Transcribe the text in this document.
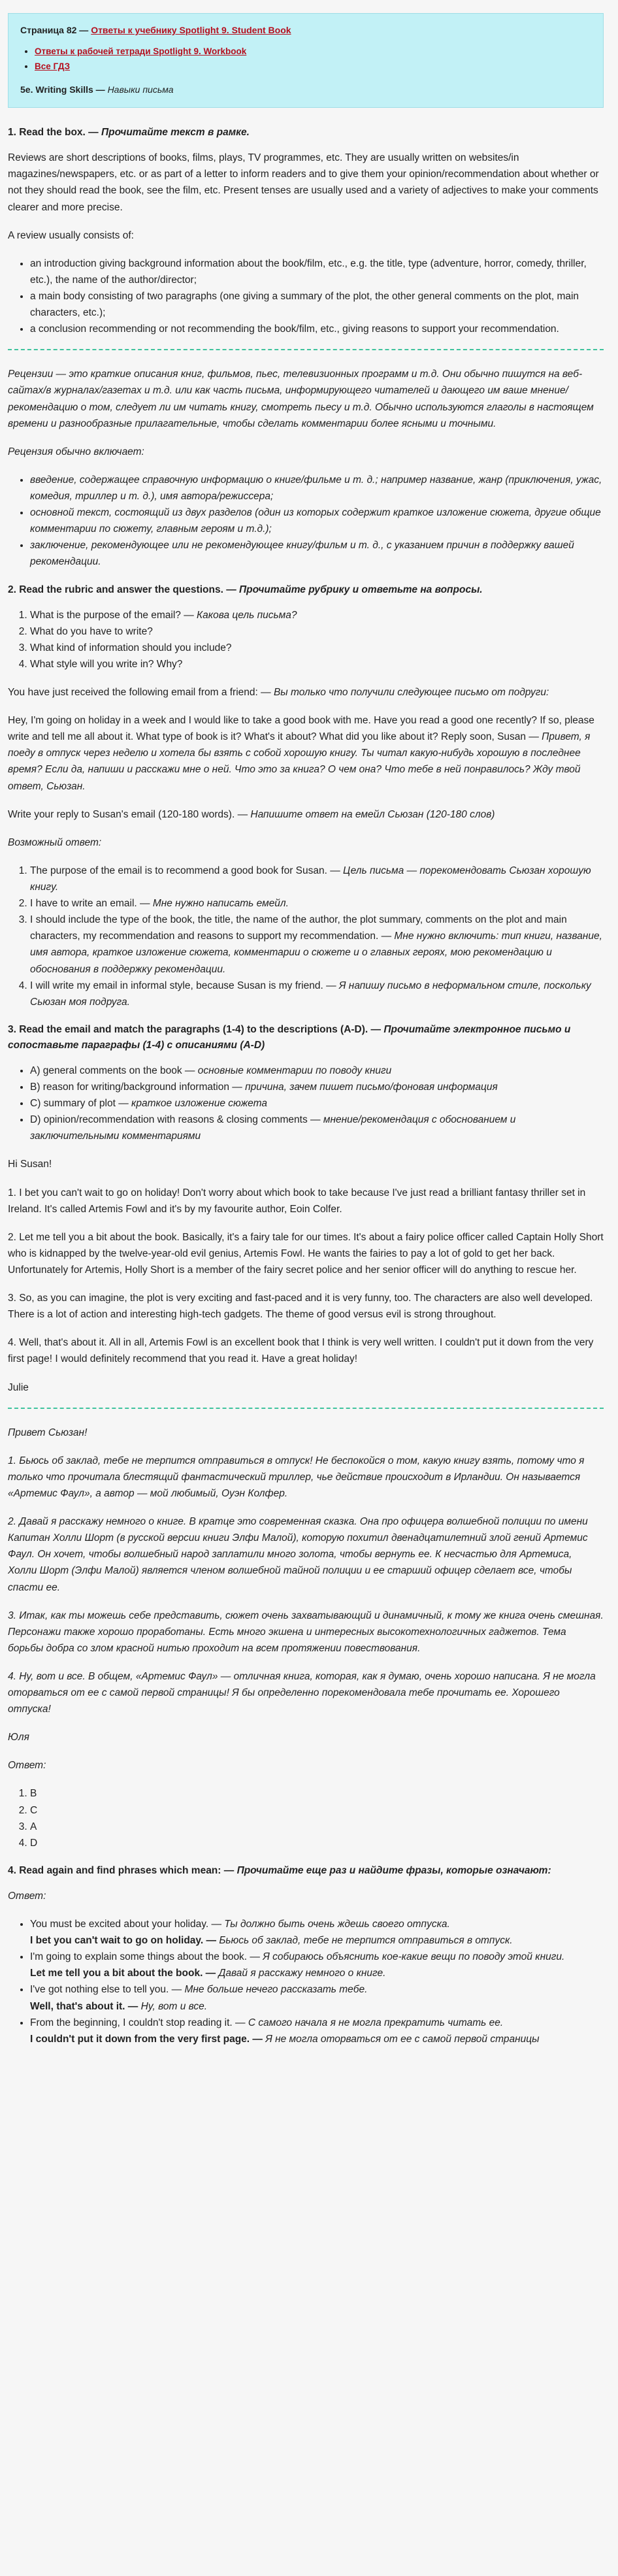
Страница 82 — Ответы к учебнику Spotlight 9. Student Book

• Ответы к рабочей тетради Spotlight 9. Workbook
• Все ГДЗ

5e. Writing Skills — Навыки письма

1. Read the box. — Прочитайте текст в рамке.

Reviews are short descriptions of books, films, plays, TV programmes, etc. They are usually written on websites/in magazines/newspapers, etc. or as part of a letter to inform readers and to give them your opinion/recommendation about whether or not they should read the book, see the film, etc. Present tenses are usually used and a variety of adjectives to make your comments clearer and more precise.

A review usually consists of:

• an introduction giving background information about the book/film, etc., e.g. the title, type (adventure, horror, comedy, thriller, etc.), the name of the author/director;
• a main body consisting of two paragraphs (one giving a summary of the plot, the other general comments on the plot, main characters, etc.);
• a conclusion recommending or not recommending the book/film, etc., giving reasons to support your recommendation.

Рецензии — это краткие описания книг, фильмов, пьес, телевизионных программ и т.д. Они обычно пишутся на веб-сайтах/в журналах/газетах и т.д. или как часть письма, информирующего читателей и дающего им ваше мнение/рекомендацию о том, следует ли им читать книгу, смотреть пьесу и т.д. Обычно используются глаголы в настоящем времени и разнообразные прилагательные, чтобы сделать комментарии более ясными и точными.

Рецензия обычно включает:

• введение, содержащее справочную информацию о книге/фильме и т. д.; например название, жанр (приключения, ужас, комедия, триллер и т. д.), имя автора/режиссера;
• основной текст, состоящий из двух разделов (один из которых содержит краткое изложение сюжета, другие общие комментарии по сюжету, главным героям и т.д.);
• заключение, рекомендующее или не рекомендующее книгу/фильм и т. д., с указанием причин в поддержку вашей рекомендации.
2. Read the rubric and answer the questions. — Прочитайте рубрику и ответьте на вопросы.
1. What is the purpose of the email? — Какова цель письма?
2. What do you have to write?
3. What kind of information should you include?
4. What style will you write in? Why?

You have just received the following email from a friend: — Вы только что получили следующее письмо от подруги:

Hey, I'm going on holiday in a week and I would like to take a good book with me. Have you read a good one recently? If so, please write and tell me all about it. What type of book is it? What's it about? What did you like about it? Reply soon, Susan — Привет, я поеду в отпуск через неделю и хотела бы взять с собой хорошую книгу. Ты читал какую-нибудь хорошую в последнее время? Если да, напиши и расскажи мне о ней. Что это за книга? О чем она? Что тебе в ней понравилось? Жду твой ответ, Сьюзан.

Write your reply to Susan's email (120-180 words). — Напишите ответ на емейл Сьюзан (120-180 слов)

Возможный ответ:

1. The purpose of the email is to recommend a good book for Susan. — Цель письма — порекомендовать Сьюзан хорошую книгу.
2. I have to write an email. — Мне нужно написать емейл.
3. I should include the type of the book, the title, the name of the author, the plot summary, comments on the plot and main characters, my recommendation and reasons to support my recommendation. — Мне нужно включить: тип книги, название, имя автора, краткое изложение сюжета, комментарии о сюжете и о главных героях, мою рекомендацию и обоснования в поддержку рекомендации.
4. I will write my email in informal style, because Susan is my friend. — Я напишу письмо в неформальном стиле, поскольку Сьюзан моя подруга.
3. Read the email and match the paragraphs (1-4) to the descriptions (A-D). — Прочитайте электронное письмо и сопоставьте параграфы (1-4) с описаниями (A-D)
• A) general comments on the book — основные комментарии по поводу книги
• B) reason for writing/background information — причина, зачем пишет письмо/фоновая информация
• C) summary of plot — краткое изложение сюжета
• D) opinion/recommendation with reasons & closing comments — мнение/рекомендация с обоснованием и заключительными комментариями

Hi Susan!

1. I bet you can't wait to go on holiday! Don't worry about which book to take because I've just read a brilliant fantasy thriller set in Ireland. It's called Artemis Fowl and it's by my favourite author, Eoin Colfer.

2. Let me tell you a bit about the book. Basically, it's a fairy tale for our times. It's about a fairy police officer called Captain Holly Short who is kidnapped by the twelve-year-old evil genius, Artemis Fowl. He wants the fairies to pay a lot of gold to get her back. Unfortunately for Artemis, Holly Short is a member of the fairy secret police and her senior officer will do anything to rescue her.

3. So, as you can imagine, the plot is very exciting and fast-paced and it is very funny, too. The characters are also well developed. There is a lot of action and interesting high-tech gadgets. The theme of good versus evil is strong throughout.

4. Well, that's about it. All in all, Artemis Fowl is an excellent book that I think is very well written. I couldn't put it down from the very first page! I would definitely recommend that you read it. Have a great holiday!

Julie

Привет Сьюзан!

1. Бьюсь об заклад, тебе не терпится отправиться в отпуск! Не беспокойся о том, какую книгу взять, потому что я только что прочитала блестящий фантастический триллер, чье действие происходит в Ирландии. Он называется «Артемис Фаул», а автор — мой любимый, Оуэн Колфер.

2. Давай я расскажу немного о книге. В кратце это современная сказка. Она про офицера волшебной полиции по имени Капитан Холли Шорт (в русской версии книги Элфи Малой), которую похитил двенадцатилетний злой гений Артемис Фаул. Он хочет, чтобы волшебный народ заплатили много золота, чтобы вернуть ее. К несчастью для Артемиса, Холли Шорт (Элфи Малой) является членом волшебной тайной полиции и ее старший офицер сделает все, чтобы спасти ее.

3. Итак, как ты можешь себе представить, сюжет очень захватывающий и динамичный, к тому же книга очень смешная. Персонажи также хорошо проработаны. Есть много экшена и интересных высокотехнологичных гаджетов. Тема борьбы добра со злом красной нитью проходит на всем протяжении повествования.

4. Ну, вот и все. В общем, «Артемис Фаул» — отличная книга, которая, как я думаю, очень хорошо написана. Я не могла оторваться от ее с самой первой страницы! Я бы определенно порекомендовала тебе прочитать ее. Хорошего отпуска!

Юля

Ответ:

1. B
2. C
3. A
4. D
4. Read again and find phrases which mean: — Прочитайте еще раз и найдите фразы, которые означают:

Ответ:

• You must be excited about your holiday. — Ты должно быть очень ждешь своего отпуска.
I bet you can't wait to go on holiday. — Бьюсь об заклад, тебе не терпится отправиться в отпуск.
• I'm going to explain some things about the book. — Я собираюсь объяснить кое-какие вещи по поводу этой книги.
Let me tell you a bit about the book. — Давай я расскажу немного о книге.
• I've got nothing else to tell you. — Мне больше нечего рассказать тебе.
Well, that's about it. — Ну, вот и все.
• From the beginning, I couldn't stop reading it. — С самого начала я не могла прекратить читать ее.
I couldn't put it down from the very first page. — Я не могла оторваться от ее с самой первой страницы
